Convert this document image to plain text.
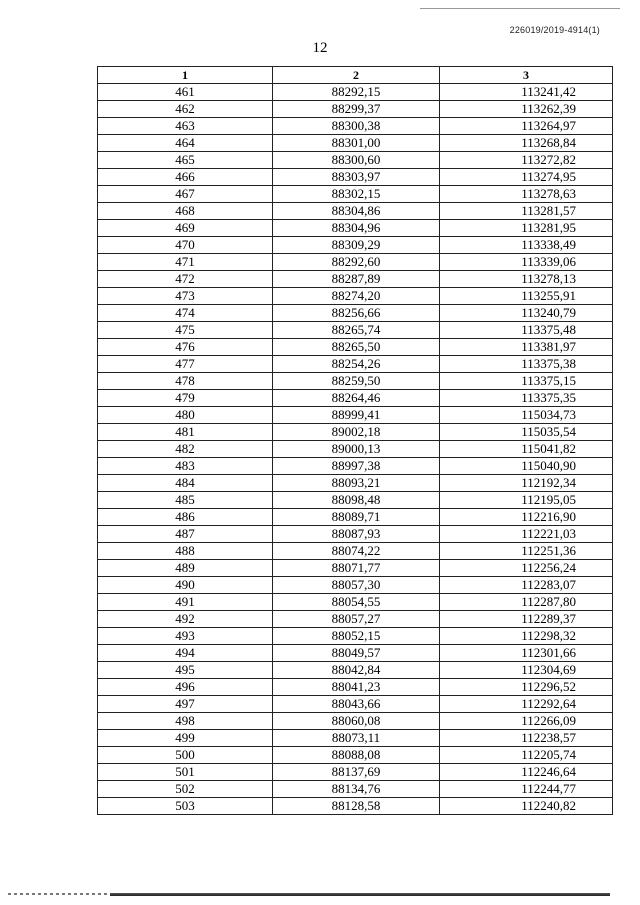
226019/2019-4914(1)
12
1	2	3
461	88292,15	113241,42
462	88299,37	113262,39
463	88300,38	113264,97
464	88301,00	113268,84
465	88300,60	113272,82
466	88303,97	113274,95
467	88302,15	113278,63
468	88304,86	113281,57
469	88304,96	113281,95
470	88309,29	113338,49
471	88292,60	113339,06
472	88287,89	113278,13
473	88274,20	113255,91
474	88256,66	113240,79
475	88265,74	113375,48
476	88265,50	113381,97
477	88254,26	113375,38
478	88259,50	113375,15
479	88264,46	113375,35
480	88999,41	115034,73
481	89002,18	115035,54
482	89000,13	115041,82
483	88997,38	115040,90
484	88093,21	112192,34
485	88098,48	112195,05
486	88089,71	112216,90
487	88087,93	112221,03
488	88074,22	112251,36
489	88071,77	112256,24
490	88057,30	112283,07
491	88054,55	112287,80
492	88057,27	112289,37
493	88052,15	112298,32
494	88049,57	112301,66
495	88042,84	112304,69
496	88041,23	112296,52
497	88043,66	112292,64
498	88060,08	112266,09
499	88073,11	112238,57
500	88088,08	112205,74
501	88137,69	112246,64
502	88134,76	112244,77
503	88128,58	112240,82
